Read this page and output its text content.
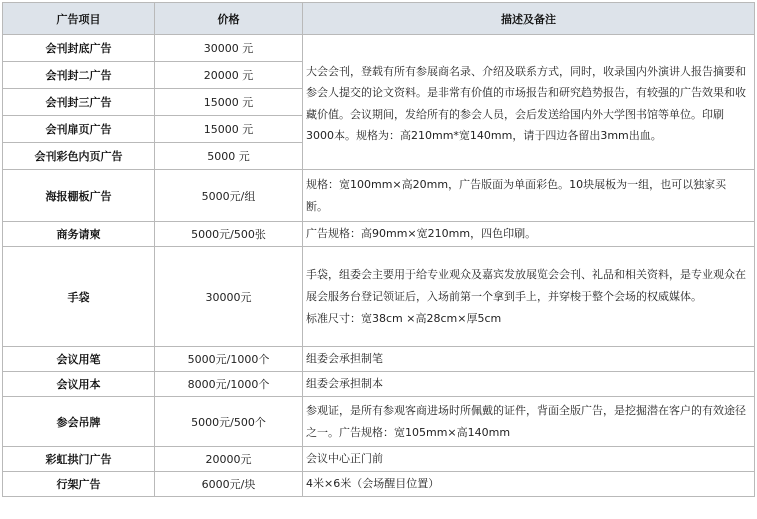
广告项目	价格	描述及备注
会刊封底广告	30000 元	大会会刊，登载有所有参展商名录、介绍及联系方式，同时，收录国内外演讲人报告摘要和参会人提交的论文资料。是非常有价值的市场报告和研究趋势报告，有较强的广告效果和收藏价值。会议期间，发给所有的参会人员，会后发送给国内外大学图书馆等单位。印刷3000本。规格为：高210mm*宽140mm，请于四边各留出3mm出血。
会刊封二广告	20000 元	
会刊封三广告	15000 元	
会刊扉页广告	15000 元	
会刊彩色内页广告	5000 元	
海报棚板广告	5000元/组	规格：宽100mm×高20mm，广告版面为单面彩色。10块展板为一组，也可以独家买断。
商务请柬	5000元/500张	广告规格：高90mm×宽210mm，四色印刷。
手袋	30000元	手袋，组委会主要用于给专业观众及嘉宾发放展览会会刊、礼品和相关资料，是专业观众在展会服务台登记领证后，入场前第一个拿到手上，并穿梭于整个会场的权威媒体。
标准尺寸：宽38cm ×高28cm×厚5cm
会议用笔	5000元/1000个	组委会承担制笔
会议用本	8000元/1000个	组委会承担制本
参会吊牌	5000元/500个	参观证，是所有参观客商进场时所佩戴的证件，背面全版广告，是挖掘潜在客户的有效途径之一。广告规格：宽105mm×高140mm
彩虹拱门广告	20000元	会议中心正门前
行架广告	6000元/块	4米×6米（会场醒目位置）
